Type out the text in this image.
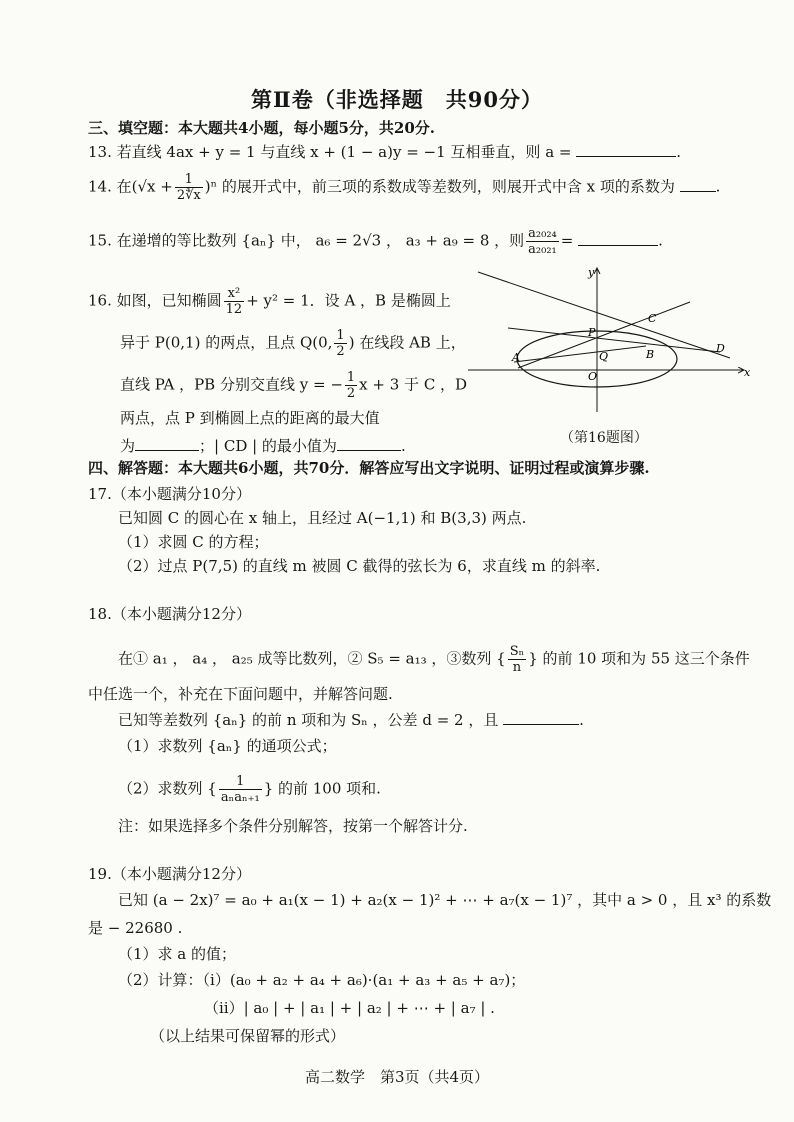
第Ⅱ卷（非选择题　共90分）
三、填空题：本大题共4小题，每小题5分，共20分.
13. 若直线 4ax + y = 1 与直线 x + (1 − a)y = −1 互相垂直，则 a =	.
14. 在$(√x + \frac{1}{2∜x} )^n$ 的展开式中，前三项的系数成等差数列，则展开式中含 x 项的系数为	.
15. 在递增的等比数列 {aₙ} 中， a₆ = 2√3 ， a₃ + a₉ = 8 ，则 $\frac{\text{a₂₀₂₄}}{\text{a₂₀₂₁}}$ =	.
16. 如图，已知椭圆 $\frac{\text{x²}}{12} + y^2 = 1$．设 A ，B 是椭圆上
异于 P(0,1) 的两点，且点 Q(0, $\frac{1}{2}$ ) 在线段 AB 上，
直线 PA ，PB 分别交直线 y = − $\frac{1}{2}$ x + 3 于 C ，D
两点，点 P 到椭圆上点的距离的最大值
为	；| CD | 的最小值为	.
y
x
P
C
Q	B	D
A
O
（第16题图）
四、解答题：本大题共6小题，共70分．解答应写出文字说明、证明过程或演算步骤.
17.（本小题满分10分）
已知圆 C 的圆心在 x 轴上，且经过 A(−1,1) 和 B(3,3) 两点.
（1）求圆 C 的方程；
（2）过点 P(7,5) 的直线 m 被圆 C 截得的弦长为 6，求直线 m 的斜率.
18.（本小题满分12分）
在① a₁ ， a₄ ， a₂₅ 成等比数列，② S₅ = a₁₃ ，③数列 { $\frac{\text{Sₙ}}{n}$ } 的前 10 项和为 55 这三个条件
中任选一个，补充在下面问题中，并解答问题.
已知等差数列 {aₙ} 的前 n 项和为 Sₙ ，公差 d = 2 ，且	.
（1）求数列 {aₙ} 的通项公式；
（2）求数列 { $\frac{1}{\text{aₙaₙ₊₁}}$ } 的前 100 项和.
注：如果选择多个条件分别解答，按第一个解答计分.
19.（本小题满分12分）
已知 (a − 2x)⁷ = a₀ + a₁(x − 1) + a₂(x − 1)² + ⋯ + a₇(x − 1)⁷ ，其中 a > 0 ，且 x³ 的系数
是 − 22680 .
（1）求 a 的值；
（2）计算：（ⅰ）(a₀ + a₂ + a₄ + a₆)·(a₁ + a₃ + a₅ + a₇)；
（ⅱ）| a₀ | + | a₁ | + | a₂ | + ⋯ + | a₇ | .
（以上结果可保留幂的形式）
高二数学　第3页（共4页）
